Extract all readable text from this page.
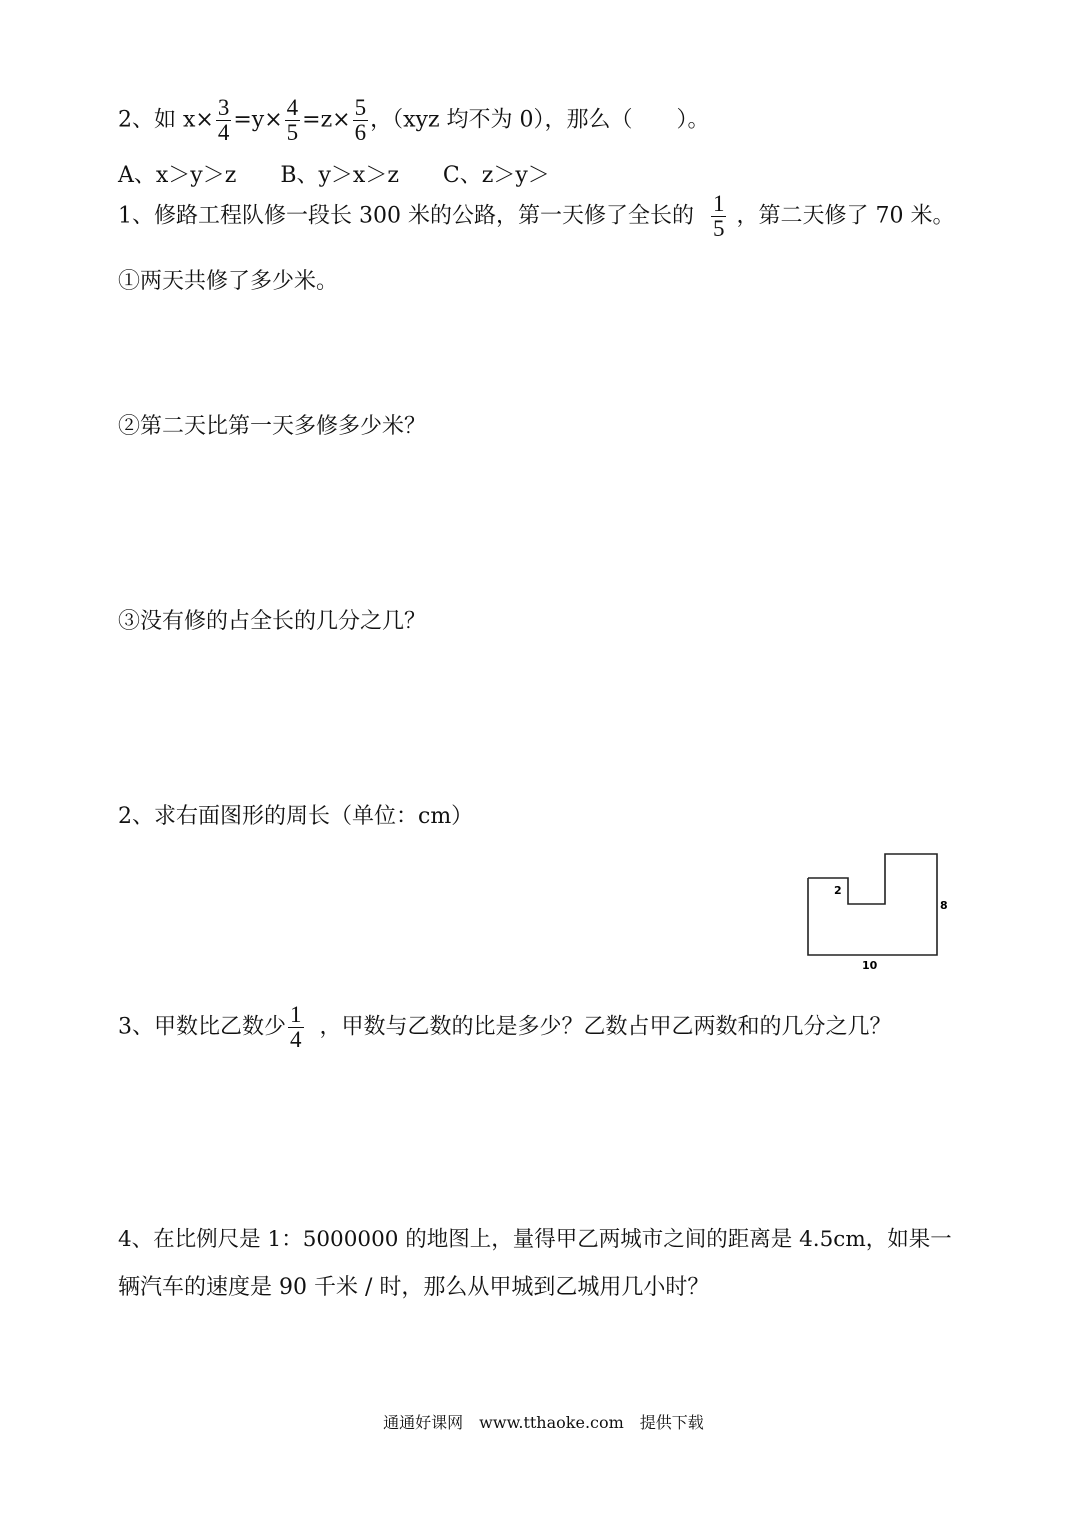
2、如 $x\times \frac{3}{4} =y\times \frac{4}{5} =z\times \frac{5}{6}$ ，（xyz 均不为 0），那么（　　）。
A、x＞y＞z　　B、y＞x＞z　　C、z＞y＞
1、修路工程队修一段长 300 米的公路，第一天修了全长的 $\frac{1}{5}$ ，第二天修了 70 米。
①两天共修了多少米。
②第二天比第一天多修多少米？
③没有修的占全长的几分之几？
2、求右面图形的周长（单位：cm）
2
8
10
3、甲数比乙数少 $\frac{1}{4}$ ，甲数与乙数的比是多少？乙数占甲乙两数和的几分之几？
4、在比例尺是 1：5000000 的地图上，量得甲乙两城市之间的距离是 4.5cm，如果一
辆汽车的速度是 90 千米 / 时，那么从甲城到乙城用几小时？
通通好课网　www.tthaoke.com　提供下载
